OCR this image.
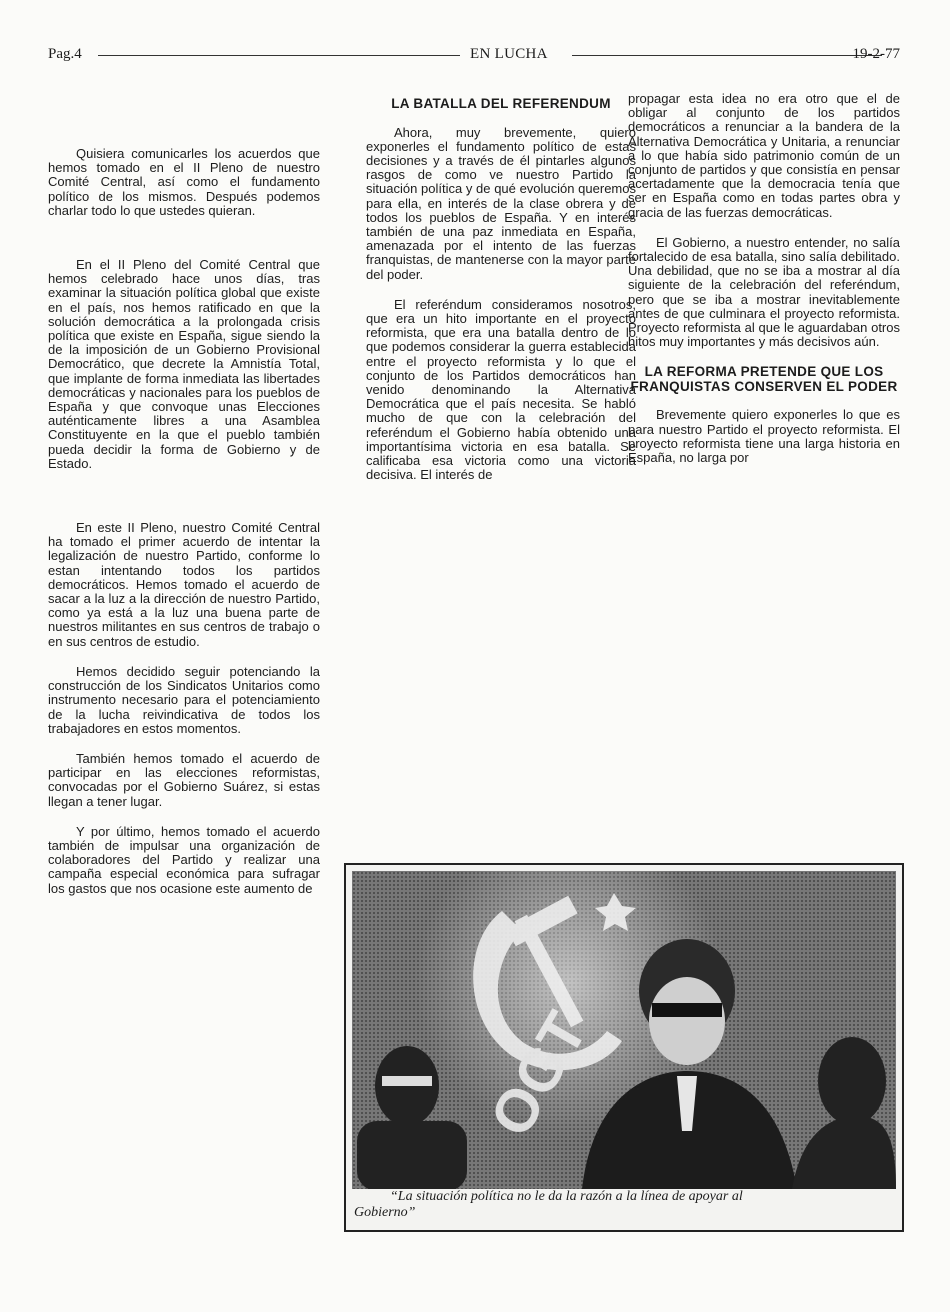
Pag.4	EN LUCHA	19-2-77

Quisiera comunicarles los acuerdos que hemos tomado en el II Pleno de nuestro Comité Central, así como el fundamento político de los mismos. Después podemos charlar todo lo que ustedes quieran.

En el II Pleno del Comité Central que hemos celebrado hace unos días, tras examinar la situación política global que existe en el país, nos hemos ratificado en que la solución democrática a la prolongada crisis política que existe en España, sigue siendo la de la imposición de un Gobierno Provisional Democrático, que decrete la Amnistía Total, que implante de forma inmediata las libertades democráticas y nacionales para los pueblos de España y que convoque unas Elecciones auténticamente libres a una Asamblea Constituyente en la que el pueblo también pueda decidir la forma de Gobierno y de Estado.

En este II Pleno, nuestro Comité Central ha tomado el primer acuerdo de intentar la legalización de nuestro Partido, conforme lo estan intentando todos los partidos democráticos. Hemos tomado el acuerdo de sacar a la luz a la dirección de nuestro Partido, como ya está a la luz una buena parte de nuestros militantes en sus centros de trabajo o en sus centros de estudio.

Hemos decidido seguir potenciando la construcción de los Sindicatos Unitarios como instrumento necesario para el potenciamiento de la lucha reivindicativa de todos los trabajadores en estos momentos.

También hemos tomado el acuerdo de participar en las elecciones reformistas, convocadas por el Gobierno Suárez, si estas llegan a tener lugar.

Y por último, hemos tomado el acuerdo también de impulsar una organización de colaboradores del Partido y realizar una campaña especial económica para sufragar los gastos que nos ocasione este aumento de

LA BATALLA DEL REFERENDUM

Ahora, muy brevemente, quiero exponerles el fundamento político de estas decisiones y a través de él pintarles algunos rasgos de como ve nuestro Partido la situación política y de qué evolución queremos para ella, en interés de la clase obrera y de todos los pueblos de España. Y en interés también de una paz inmediata en España, amenazada por el intento de las fuerzas franquistas, de mantenerse con la mayor parte del poder.

El referéndum consideramos nosotros, que era un hito importante en el proyecto reformista, que era una batalla dentro de lo que podemos considerar la guerra establecida entre el proyecto reformista y lo que el conjunto de los Partidos democráticos han venido denominando la Alternativa Democrática que el país necesita. Se habló mucho de que con la celebración del referéndum el Gobierno había obtenido una importantísima victoria en esa batalla. Se calificaba esa victoria como una victoria decisiva. El interés de

propagar esta idea no era otro que el de obligar al conjunto de los partidos democráticos a renunciar a la bandera de la Alternativa Democrática y Unitaria, a renunciar a lo que había sido patrimonio común de un conjunto de partidos y que consistía en pensar acertadamente que la democracia tenía que ser en España como en todas partes obra y gracia de las fuerzas democráticas.

El Gobierno, a nuestro entender, no salía fortalecido de esa batalla, sino salía debilitado. Una debilidad, que no se iba a mostrar al día siguiente de la celebración del referéndum, pero que se iba a mostrar inevitablemente antes de que culminara el proyecto reformista. Proyecto reformista al que le aguardaban otros hitos muy importantes y más decisivos aún.

LA REFORMA PRETENDE QUE LOS FRANQUISTAS CONSERVEN EL PODER

Brevemente quiero exponerles lo que es para nuestro Partido el proyecto reformista. El proyecto reformista tiene una larga historia en España, no larga por

OGT
“La situación política no le da la razón a la línea de apoyar al
Gobierno”
